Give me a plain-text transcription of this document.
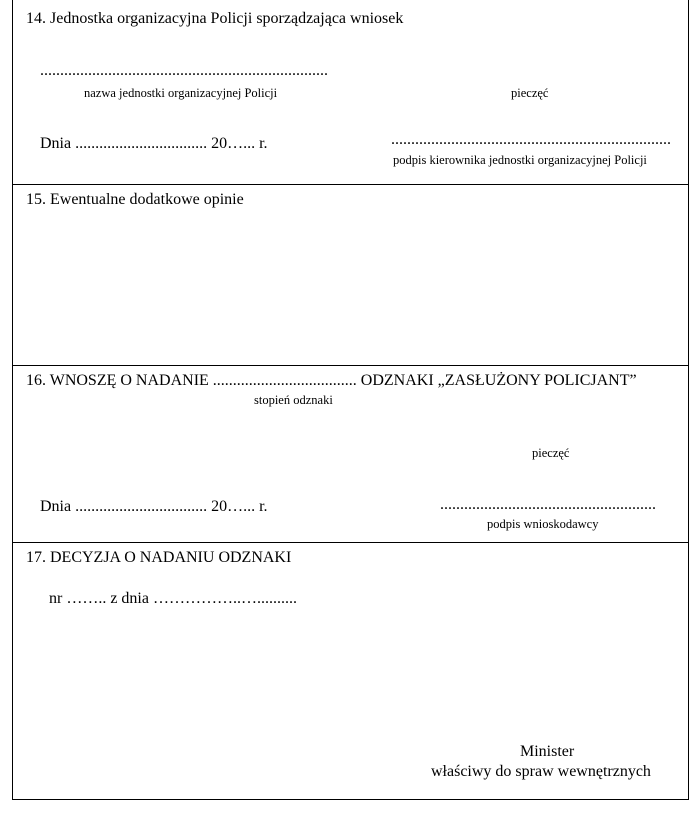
14. Jednostka organizacyjna Policji sporządzająca wniosek
........................................................................
nazwa jednostki organizacyjnej Policji	pieczęć
Dnia ................................. 20…... r.	......................................................................
podpis kierownika jednostki organizacyjnej Policji
15. Ewentualne dodatkowe opinie
16. WNOSZĘ O NADANIE .................................... ODZNAKI „ZASŁUŻONY POLICJANT”
stopień odznaki
pieczęć
Dnia ................................. 20…... r.	......................................................
podpis wnioskodawcy
17. DECYZJA O NADANIU ODZNAKI
nr …….. z dnia ……………..…..........
Minister
właściwy do spraw wewnętrznych
